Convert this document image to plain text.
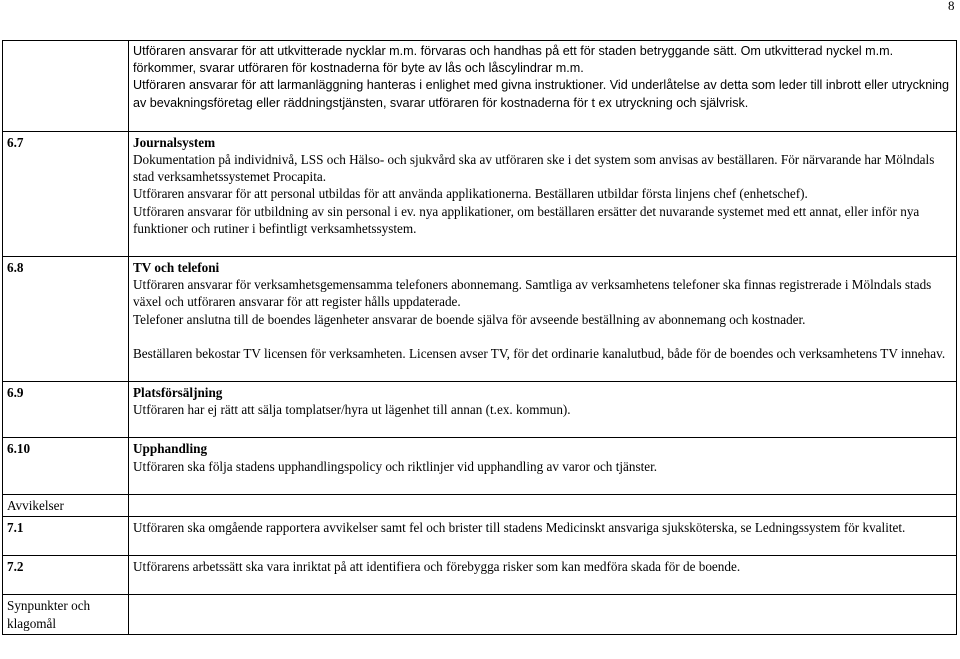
8

	Utföraren ansvarar för att utkvitterade nycklar m.m. förvaras och handhas på ett för staden betryggande sätt. Om utkvitterad nyckel m.m. förkommer, svarar utföraren för kostnaderna för byte av lås och låscylindrar m.m.
Utföraren ansvarar för att larmanläggning hanteras i enlighet med givna instruktioner. Vid underlåtelse av detta som leder till inbrott eller utryckning av bevakningsföretag eller räddningstjänsten, svarar utföraren för kostnaderna för t ex utryckning och självrisk.

6.7	Journalsystem
Dokumentation på individnivå, LSS och Hälso- och sjukvård ska av utföraren ske i det system som anvisas av beställaren. För närvarande har Mölndals stad verksamhetssystemet Procapita.
Utföraren ansvarar för att personal utbildas för att använda applikationerna. Beställaren utbildar första linjens chef (enhetschef).
Utföraren ansvarar för utbildning av sin personal i ev. nya applikationer, om beställaren ersätter det nuvarande systemet med ett annat, eller inför nya funktioner och rutiner i befintligt verksamhetssystem.

6.8	TV och telefoni
Utföraren ansvarar för verksamhetsgemensamma telefoners abonnemang. Samtliga av verksamhetens telefoner ska finnas registrerade i Mölndals stads växel och utföraren ansvarar för att register hålls uppdaterade.
Telefoner anslutna till de boendes lägenheter ansvarar de boende själva för avseende beställning av abonnemang och kostnader.
Beställaren bekostar TV licensen för verksamheten. Licensen avser TV, för det ordinarie kanalutbud, både för de boendes och verksamhetens TV innehav.

6.9	Platsförsäljning
Utföraren har ej rätt att sälja tomplatser/hyra ut lägenhet till annan (t.ex. kommun).

6.10	Upphandling
Utföraren ska följa stadens upphandlingspolicy och riktlinjer vid upphandling av varor och tjänster.

Avvikelser	
7.1	Utföraren ska omgående rapportera avvikelser samt fel och brister till stadens Medicinskt ansvariga sjuksköterska, se Ledningssystem för kvalitet.

7.2	Utförarens arbetssätt ska vara inriktat på att identifiera och förebygga risker som kan medföra skada för de boende.

Synpunkter och klagomål	
